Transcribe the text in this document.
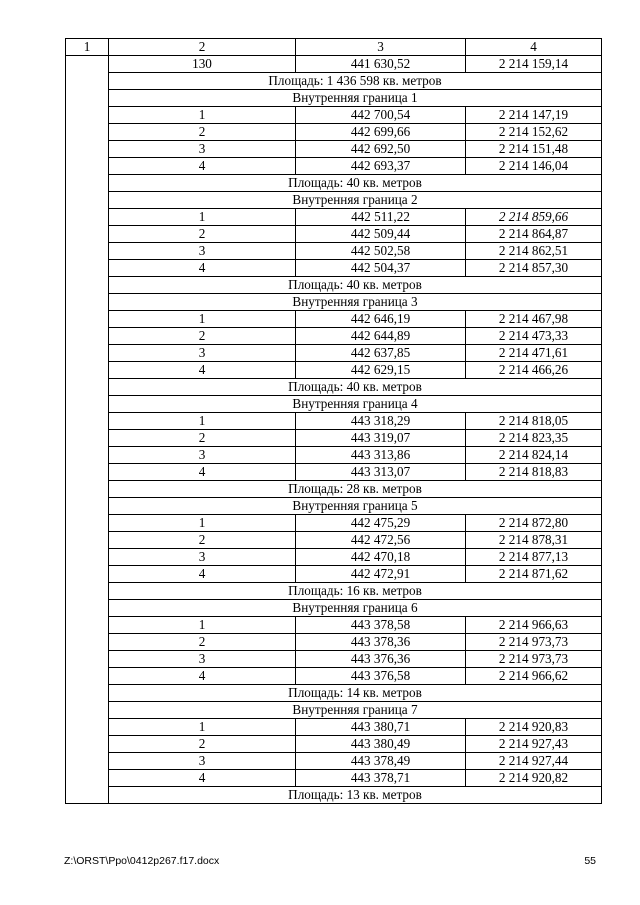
1	2	3	4
	130	441 630,52	2 214 159,14
	Площадь: 1 436 598 кв. метров		
	Внутренняя граница 1		
	1	442 700,54	2 214 147,19
	2	442 699,66	2 214 152,62
	3	442 692,50	2 214 151,48
	4	442 693,37	2 214 146,04
	Площадь: 40 кв. метров		
	Внутренняя граница 2		
	1	442 511,22	2 214 859,66
	2	442 509,44	2 214 864,87
	3	442 502,58	2 214 862,51
	4	442 504,37	2 214 857,30
	Площадь: 40 кв. метров		
	Внутренняя граница 3		
	1	442 646,19	2 214 467,98
	2	442 644,89	2 214 473,33
	3	442 637,85	2 214 471,61
	4	442 629,15	2 214 466,26
	Площадь: 40 кв. метров		
	Внутренняя граница 4		
	1	443 318,29	2 214 818,05
	2	443 319,07	2 214 823,35
	3	443 313,86	2 214 824,14
	4	443 313,07	2 214 818,83
	Площадь: 28 кв. метров		
	Внутренняя граница 5		
	1	442 475,29	2 214 872,80
	2	442 472,56	2 214 878,31
	3	442 470,18	2 214 877,13
	4	442 472,91	2 214 871,62
	Площадь: 16 кв. метров		
	Внутренняя граница 6		
	1	443 378,58	2 214 966,63
	2	443 378,36	2 214 973,73
	3	443 376,36	2 214 973,73
	4	443 376,58	2 214 966,62
	Площадь: 14 кв. метров		
	Внутренняя граница 7		
	1	443 380,71	2 214 920,83
	2	443 380,49	2 214 927,43
	3	443 378,49	2 214 927,44
	4	443 378,71	2 214 920,82
	Площадь: 13 кв. метров		
Z:\ORST\Ppo\0412p267.f17.docx	55
